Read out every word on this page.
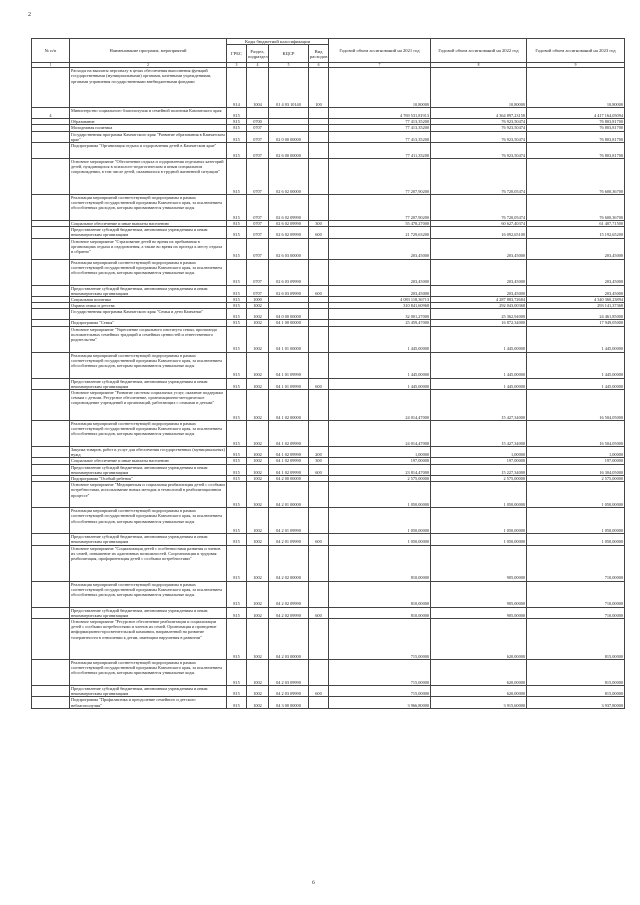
2
№ п/п	Наименование программ, мероприятий	Коды бюджетной классификации				Годовой объем ассигнований на 2021 год	Годовой объем ассигнований на 2022 год	Годовой объем ассигнований на 2023 год
		ГРБС	Раздел, подраздел	КЦСР	Вид расходов			
1	2	3	4	5	6	7	8	9
	Расходы на выплаты персоналу в целях обеспечения выполнения функций государственными (муниципальными) органами, казенными учреждениями, органами управления государственными внебюджетными фондами	814	1004	01 4 03 10140	100	10,80000	10,80000	10,80000
4	Министерство социального благополучия и семейной политики Камчатского края	815				4 769 531,81913	4 364 897,23158	4 417 164,05094
	Образование	815	0700			77 413,35200	76 923,50474	76 803,81700
	Молодежная политика	815	0707			77 413,35200	76 923,50474	76 803,81700
	Государственная программа Камчатского края "Развитие образования в Камчатском крае"	815	0707	02 0 00 00000		77 413,35200	76 923,50474	76 803,81700
	Подпрограмма "Организация отдыха и оздоровления детей в Камчатском крае"	815	0707	02 6 00 00000		77 411,35200	76 923,50474	76 803,81700
	Основное мероприятие "Обеспечение отдыха и оздоровления отдельных категорий детей, нуждающихся в психолого-педагогическом и иным специальном сопровождении, в том числе детей, оказавшихся в трудной жизненной ситуации"	815	0707	02 6 02 00000		77 207,90200	76 720,05474	76 600,36700
	Реализация мероприятий соответствующей подпрограммы в рамках соответствующей государственной программы Камчатского края, за исключением обособленных расходов, которым присваиваются уникальные коды	815	0707	02 6 02 09990		77 207,90200	76 720,05474	76 600,36700
	Социальное обеспечение и иные выплаты населению	815	0707	02 6 02 09990	300	55 478,27000	60 627,40374	61 407,71500
	Предоставление субсидий бюджетным, автономным учреждениям и иным некоммерческим организациям	815	0707	02 6 02 09990	600	21 729,63200	16 092,65100	15 192,65200
	Основное мероприятие "Страхование детей во время их пребывания в организациях отдыха и оздоровления, а также во время их проезда к месту отдыха и обратно"	815	0707	02 6 03 00000		203,45000	203,45000	203,45000
	Реализация мероприятий соответствующей подпрограммы в рамках соответствующей государственной программы Камчатского края, за исключением обособленных расходов, которым присваиваются уникальные коды	815	0707	02 6 03 09990		203,45000	203,45000	203,45000
	Предоставление субсидий бюджетным, автономным учреждениям и иным некоммерческим организациям	815	0707	02 6 03 09990	600	203,45000	203,45000	203,45000
	Социальная политика	815	1000			4 083 118,36713	4 287 883,72684	4 340 360,23894
	Охрана семьи и детства	815	1002			310 841,60968	292 043,00368	293 141,37368
	Государственная программа Камчатского края "Семья и дети Камчатки"	815	1002	04 0 00 00000		32 001,27000	25 362,94000	24 461,85000
	Подпрограмма "Семья"	815	1002	04 1 00 00000		25 459,47000	16 872,34000	17 949,05000
	Основное мероприятие "Укрепление социального института семьи, пропаганда положительных семейных традиций и семейных ценностей и ответственного родительства"	815	1002	04 1 01 00000		1 445,00000	1 445,00000	1 445,00000
	Реализация мероприятий соответствующей подпрограммы в рамках соответствующей государственной программы Камчатского края, за исключением обособленных расходов, которым присваиваются уникальные коды	815	1002	04 1 01 09990		1 445,00000	1 445,00000	1 445,00000
	Предоставление субсидий бюджетным, автономным учреждениям и иным некоммерческим организациям	815	1002	04 1 01 09990	600	1 445,00000	1 445,00000	1 445,00000
	Основное мероприятие "Развитие системы социальных услуг, оказание поддержки семьям с детьми. Ресурсное обеспечение, организационно-методическое сопровождение учреждений и организаций, работающих с семьями и детьми"	815	1002	04 1 02 00000		24 014,47000	15 427,34000	16 504,05000
	Реализация мероприятий соответствующей подпрограммы в рамках соответствующей государственной программы Камчатского края, за исключением обособленных расходов, которым присваиваются уникальные коды	815	1002	04 1 02 09990		24 014,47000	15 427,34000	16 504,05000
	Закупка товаров, работ и услуг для обеспечения государственных (муниципальных) нужд	815	1002	04 1 02 09990	200	1,00000	1,00000	1,00000
	Социальное обеспечение и иные выплаты населению	815	1002	04 1 02 09990	300	197,00000	197,00000	197,00000
	Предоставление субсидий бюджетным, автономным учреждениям и иным некоммерческим организациям	815	1002	04 1 02 09990	600	23 814,47000	15 227,34000	16 304,05000
	Подпрограмма "Особый ребенок"	815	1002	04 2 00 00000		2 575,00000	2 575,00000	2 575,00000
	Основное мероприятие "Медицинская и социальная реабилитация детей с особыми потребностями, использование новых методик и технологий в реабилитационном процессе"	815	1002	04 2 01 00000		1 050,00000	1 050,00000	1 050,00000
	Реализация мероприятий соответствующей подпрограммы в рамках соответствующей государственной программы Камчатского края, за исключением обособленных расходов, которым присваиваются уникальные коды	815	1002	04 2 01 09990		1 050,00000	1 050,00000	1 050,00000
	Предоставление субсидий бюджетным, автономным учреждениям и иным некоммерческим организациям	815	1002	04 2 01 09990	600	1 050,00000	1 050,00000	1 050,00000
	Основное мероприятие "Социализация детей с особенностями развития и членов их семей, повышение их адаптивных возможностей. Соорганизация и трудовая реабилитация, профориентация детей с особыми потребностями"	815	1002	04 2 02 00000		810,00000	905,00000	710,00000
	Реализация мероприятий соответствующей подпрограммы в рамках соответствующей государственной программы Камчатского края, за исключением обособленных расходов, которым присваиваются уникальные коды	815	1002	04 2 02 09990		810,00000	905,00000	710,00000
	Предоставление субсидий бюджетным, автономным учреждениям и иным некоммерческим организациям	815	1002	04 2 02 09990	600	810,00000	905,00000	710,00000
	Основное мероприятие "Ресурсное обеспечение реабилитации и социализации детей с особыми потребностями и членов их семей. Организация и проведение информационно-просветительской кампании, направленной на развитие толерантности в отношении к детям, имеющим нарушения в развитии"	815	1002	04 2 03 00000		715,00000	620,00000	815,00000
	Реализация мероприятий соответствующей подпрограммы в рамках соответствующей государственной программы Камчатского края, за исключением обособленных расходов, которым присваиваются уникальные коды	815	1002	04 2 03 09990		715,00000	620,00000	815,00000
	Предоставление субсидий бюджетным, автономным учреждениям и иным некоммерческим организациям	815	1002	04 2 03 09990	600	715,00000	620,00000	815,00000
	Подпрограмма "Профилактика и преодоление семейного и детского неблагополучия"	815	1002	04 3 00 00000		3 966,80000	3 915,60000	3 937,80000
6
